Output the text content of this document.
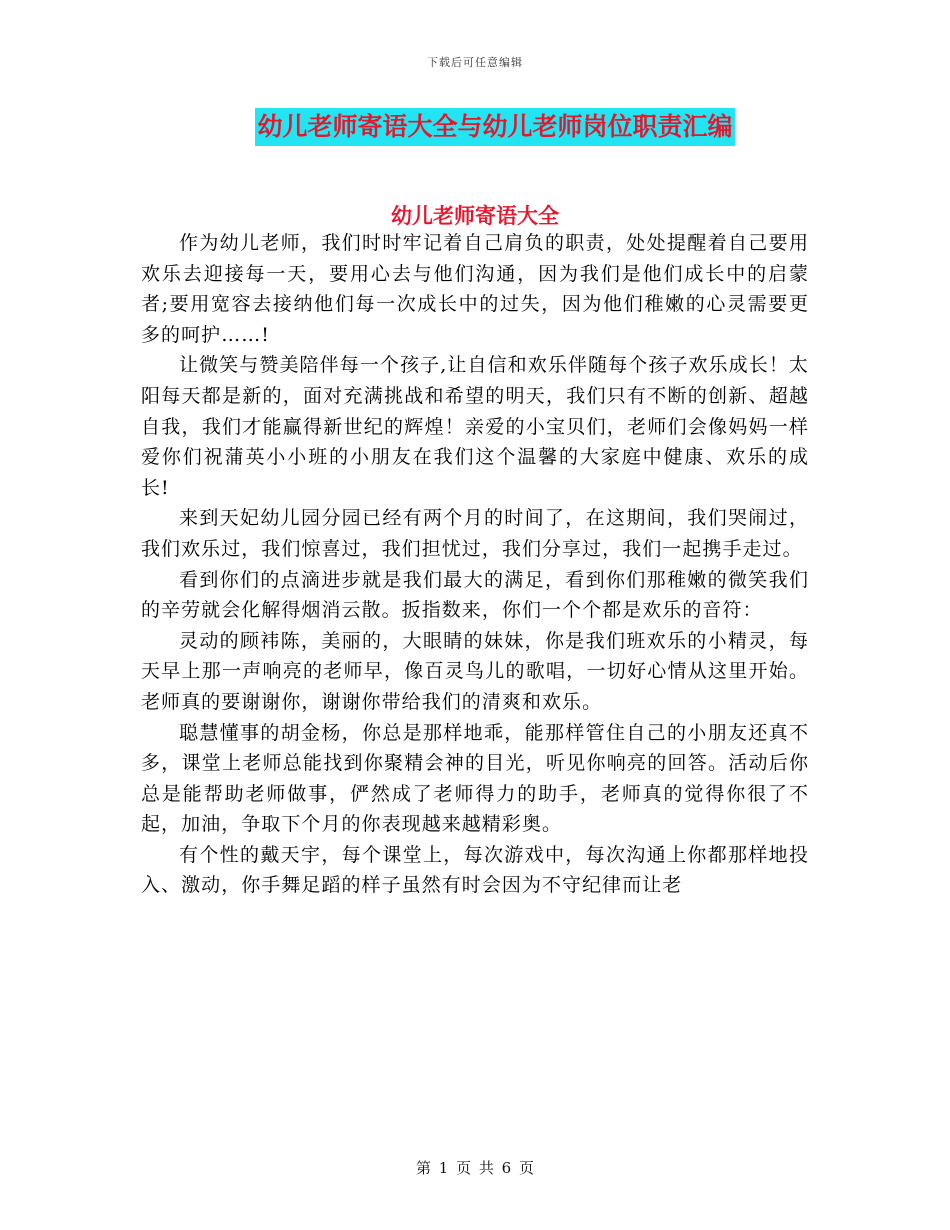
下载后可任意编辑
幼儿老师寄语大全与幼儿老师岗位职责汇编
幼儿老师寄语大全

作为幼儿老师，我们时时牢记着自己肩负的职责，处处提醒着自己要用欢乐去迎接每一天，要用心去与他们沟通，因为我们是他们成长中的启蒙者;要用宽容去接纳他们每一次成长中的过失，因为他们稚嫩的心灵需要更多的呵护……!

让微笑与赞美陪伴每一个孩子,让自信和欢乐伴随每个孩子欢乐成长！太阳每天都是新的，面对充满挑战和希望的明天，我们只有不断的创新、超越自我，我们才能赢得新世纪的辉煌！亲爱的小宝贝们，老师们会像妈妈一样爱你们祝蒲英小小班的小朋友在我们这个温馨的大家庭中健康、欢乐的成长!

来到天妃幼儿园分园已经有两个月的时间了，在这期间，我们哭闹过，我们欢乐过，我们惊喜过，我们担忧过，我们分享过，我们一起携手走过。

看到你们的点滴进步就是我们最大的满足，看到你们那稚嫩的微笑我们的辛劳就会化解得烟消云散。扳指数来，你们一个个都是欢乐的音符：

灵动的顾袆陈，美丽的，大眼睛的妹妹，你是我们班欢乐的小精灵，每天早上那一声响亮的老师早，像百灵鸟儿的歌唱，一切好心情从这里开始。老师真的要谢谢你，谢谢你带给我们的清爽和欢乐。

聪慧懂事的胡金杨，你总是那样地乖，能那样管住自己的小朋友还真不多，课堂上老师总能找到你聚精会神的目光，听见你响亮的回答。活动后你总是能帮助老师做事，俨然成了老师得力的助手，老师真的觉得你很了不起，加油，争取下个月的你表现越来越精彩奥。

有个性的戴天宇，每个课堂上，每次游戏中，每次沟通上你都那样地投入、激动，你手舞足蹈的样子虽然有时会因为不守纪律而让老

第 1 页 共 6 页
